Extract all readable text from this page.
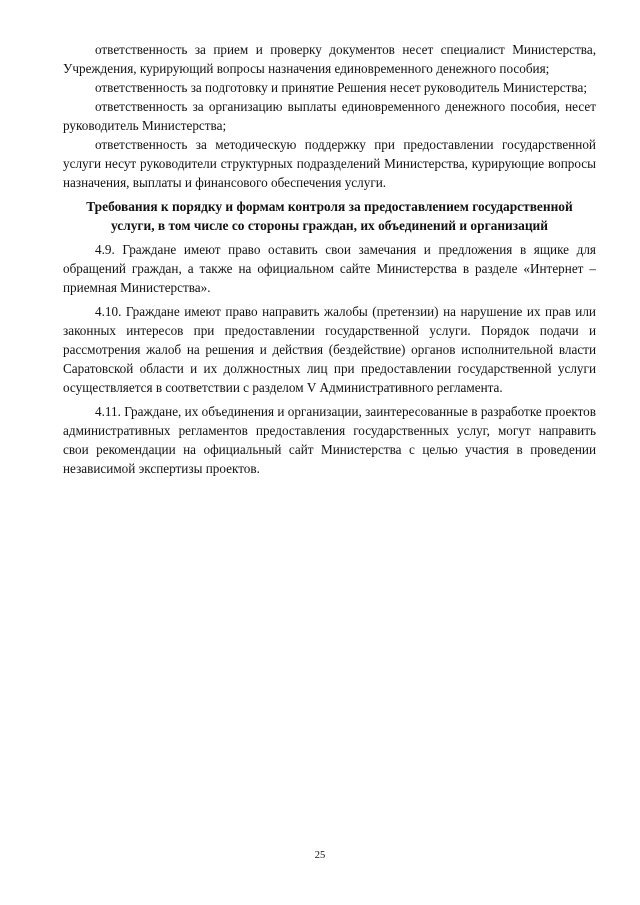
ответственность за прием и проверку документов несет специалист Министерства, Учреждения, курирующий вопросы назначения единовременного денежного пособия;

ответственность за подготовку и принятие Решения несет руководитель Министерства;

ответственность за организацию выплаты единовременного денежного пособия, несет руководитель Министерства;

ответственность за методическую поддержку при предоставлении государственной услуги несут руководители структурных подразделений Министерства, курирующие вопросы назначения, выплаты и финансового обеспечения услуги.

Требования к порядку и формам контроля за предоставлением государственной услуги, в том числе со стороны граждан, их объединений и организаций

4.9. Граждане имеют право оставить свои замечания и предложения в ящике для обращений граждан, а также на официальном сайте Министерства в разделе «Интернет – приемная Министерства».

4.10. Граждане имеют право направить жалобы (претензии) на нарушение их прав или законных интересов при предоставлении государственной услуги. Порядок подачи и рассмотрения жалоб на решения и действия (бездействие) органов исполнительной власти Саратовской области и их должностных лиц при предоставлении государственной услуги осуществляется в соответствии с разделом V Административного регламента.

4.11. Граждане, их объединения и организации, заинтересованные в разработке проектов административных регламентов предоставления государственных услуг, могут направить свои рекомендации на официальный сайт Министерства с целью участия в проведении независимой экспертизы проектов.

25
